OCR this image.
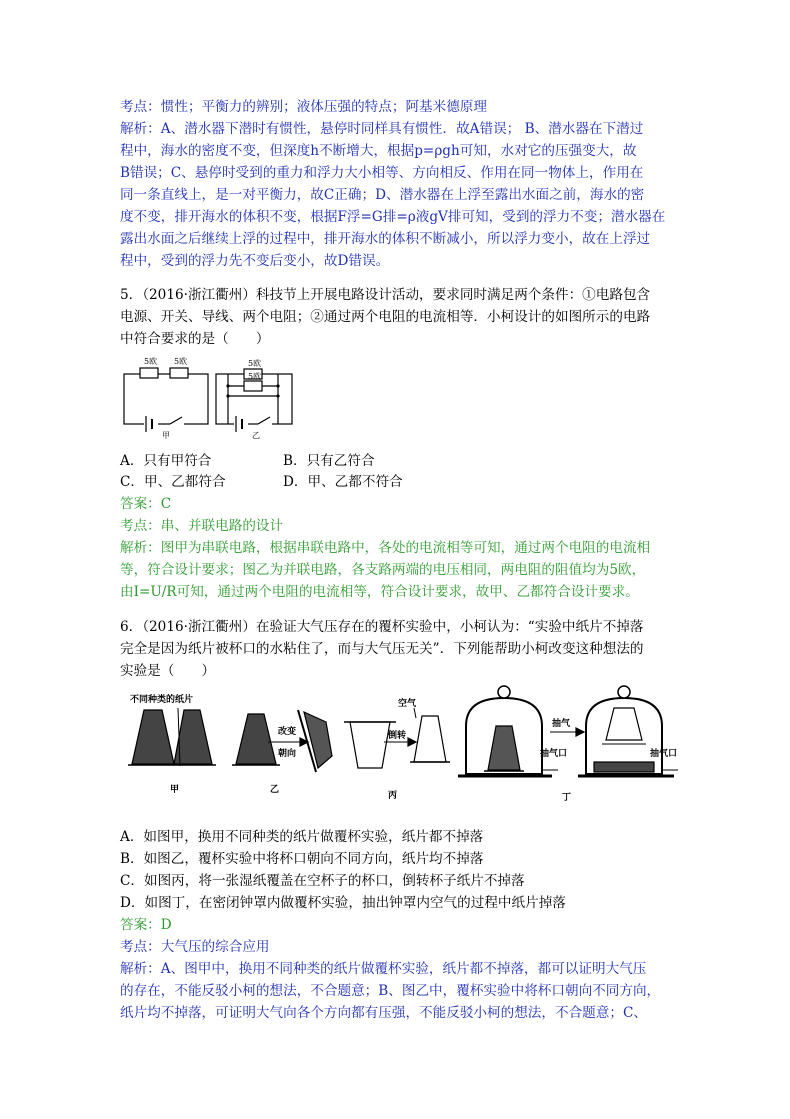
考点：惯性；平衡力的辨别；液体压强的特点；阿基米德原理
解析：A、潜水器下潜时有惯性，悬停时同样具有惯性．故A错误； B、潜水器在下潜过
程中，海水的密度不变，但深度h不断增大，根据p=ρgh可知，水对它的压强变大，故
B错误；C、悬停时受到的重力和浮力大小相等、方向相反、作用在同一物体上，作用在
同一条直线上，是一对平衡力，故C正确；D、潜水器在上浮至露出水面之前，海水的密
度不变，排开海水的体积不变，根据F浮=G排=ρ液gV排可知，受到的浮力不变；潜水器在
露出水面之后继续上浮的过程中，排开海水的体积不断减小，所以浮力变小，故在上浮过
程中，受到的浮力先不变后变小，故D错误。
5．（2016·浙江衢州）科技节上开展电路设计活动，要求同时满足两个条件：①电路包含
电源、开关、导线、两个电阻；②通过两个电阻的电流相等．小柯设计的如图所示的电路
中符合要求的是（　　）
5欧 5欧	5欧
5欧
甲	乙
A．只有甲符合	B．只有乙符合
C．甲、乙都符合	D．甲、乙都不符合
答案：C
考点：串、并联电路的设计
解析：图甲为串联电路，根据串联电路中，各处的电流相等可知，通过两个电阻的电流相
等，符合设计要求；图乙为并联电路，各支路两端的电压相同，两电阻的阻值均为5欧，
由I=U/R可知，通过两个电阻的电流相等，符合设计要求，故甲、乙都符合设计要求。
6．（2016·浙江衢州）在验证大气压存在的覆杯实验中，小柯认为：“实验中纸片不掉落
完全是因为纸片被杯口的水粘住了，而与大气压无关”．下列能帮助小柯改变这种想法的
实验是（　　）
不同种类的纸片
改变
朝向
空气
倒转
抽气
抽气口	抽气口
甲	乙
丙	丁
A．如图甲，换用不同种类的纸片做覆杯实验，纸片都不掉落
B．如图乙，覆杯实验中将杯口朝向不同方向，纸片均不掉落
C．如图丙，将一张湿纸覆盖在空杯子的杯口，倒转杯子纸片不掉落
D．如图丁，在密闭钟罩内做覆杯实验，抽出钟罩内空气的过程中纸片掉落
答案：D
考点：大气压的综合应用
解析：A、图甲中，换用不同种类的纸片做覆杯实验，纸片都不掉落，都可以证明大气压
的存在，不能反驳小柯的想法，不合题意；B、图乙中，覆杯实验中将杯口朝向不同方向，
纸片均不掉落，可证明大气向各个方向都有压强，不能反驳小柯的想法，不合题意；C、
